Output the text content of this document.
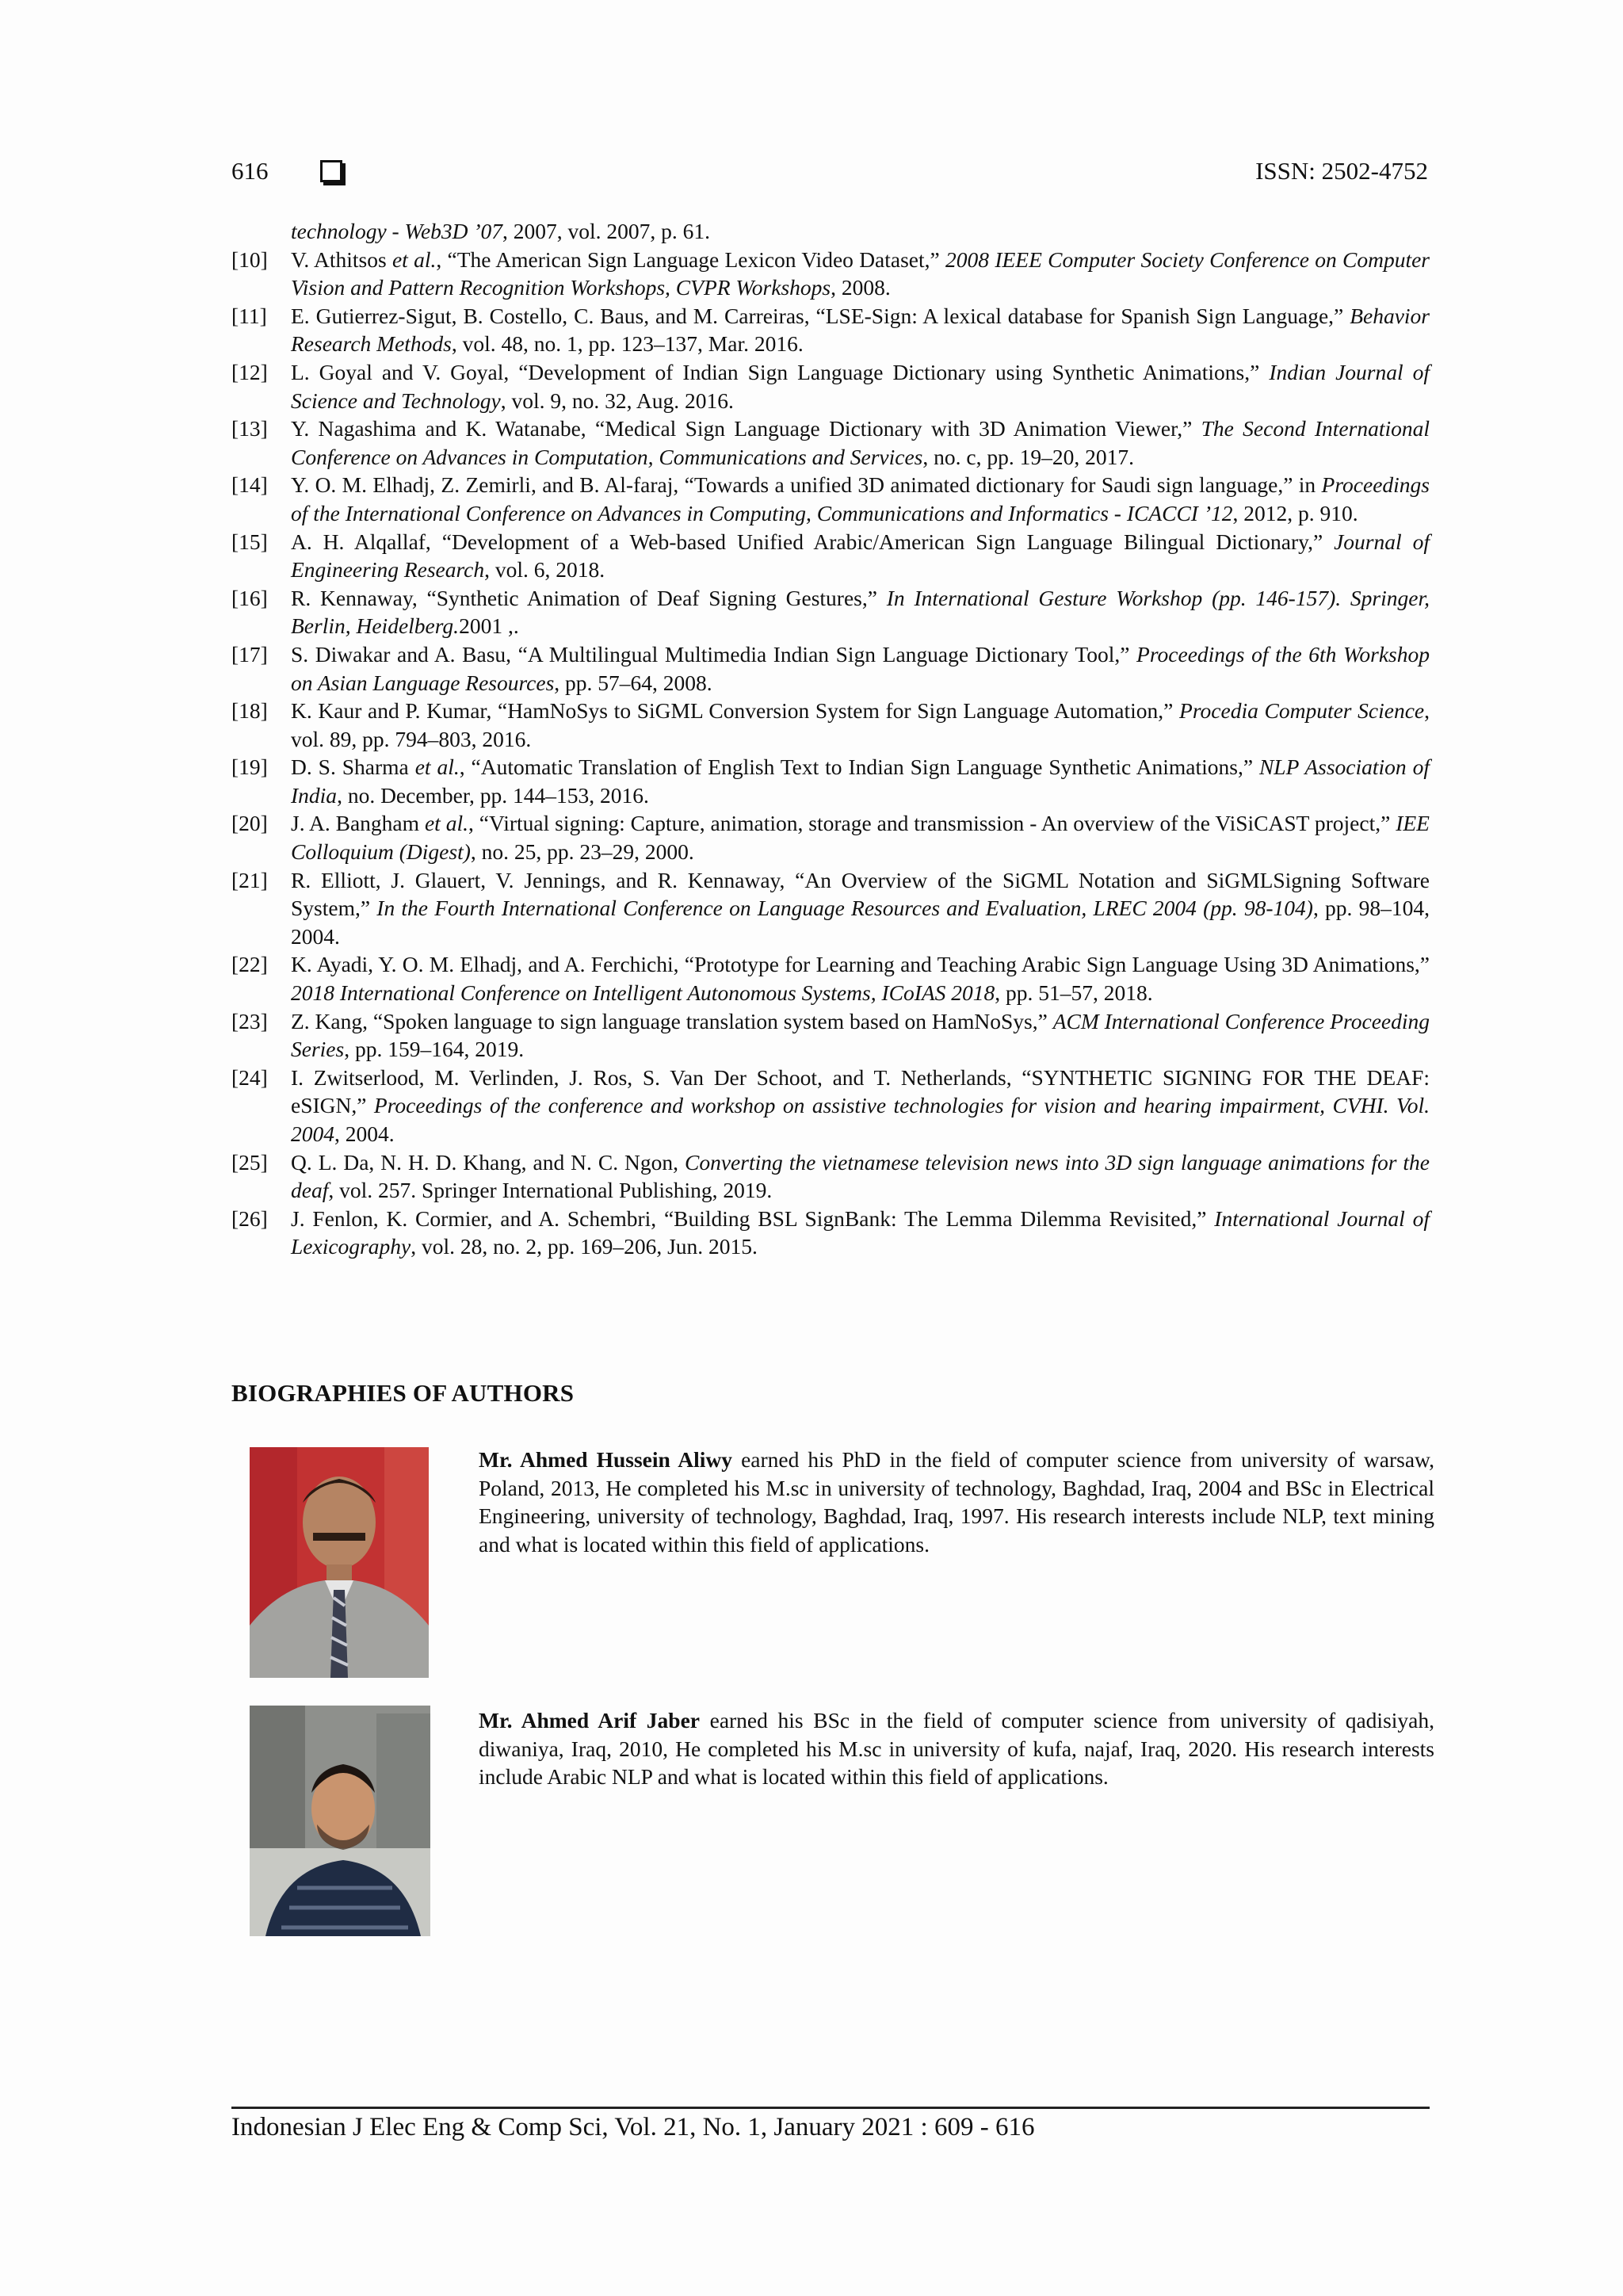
616	ISSN: 2502-4752
technology - Web3D ’07, 2007, vol. 2007, p. 61.
[10] V. Athitsos et al., “The American Sign Language Lexicon Video Dataset,” 2008 IEEE Computer Society Conference on Computer Vision and Pattern Recognition Workshops, CVPR Workshops, 2008.
[11] E. Gutierrez-Sigut, B. Costello, C. Baus, and M. Carreiras, “LSE-Sign: A lexical database for Spanish Sign Language,” Behavior Research Methods, vol. 48, no. 1, pp. 123–137, Mar. 2016.
[12] L. Goyal and V. Goyal, “Development of Indian Sign Language Dictionary using Synthetic Animations,” Indian Journal of Science and Technology, vol. 9, no. 32, Aug. 2016.
[13] Y. Nagashima and K. Watanabe, “Medical Sign Language Dictionary with 3D Animation Viewer,” The Second International Conference on Advances in Computation, Communications and Services, no. c, pp. 19–20, 2017.
[14] Y. O. M. Elhadj, Z. Zemirli, and B. Al-faraj, “Towards a unified 3D animated dictionary for Saudi sign language,” in Proceedings of the International Conference on Advances in Computing, Communications and Informatics - ICACCI ’12, 2012, p. 910.
[15] A. H. Alqallaf, “Development of a Web-based Unified Arabic/American Sign Language Bilingual Dictionary,” Journal of Engineering Research, vol. 6, 2018.
[16] R. Kennaway, “Synthetic Animation of Deaf Signing Gestures,” In International Gesture Workshop (pp. 146-157). Springer, Berlin, Heidelberg.2001 ,.
[17] S. Diwakar and A. Basu, “A Multilingual Multimedia Indian Sign Language Dictionary Tool,” Proceedings of the 6th Workshop on Asian Language Resources, pp. 57–64, 2008.
[18] K. Kaur and P. Kumar, “HamNoSys to SiGML Conversion System for Sign Language Automation,” Procedia Computer Science, vol. 89, pp. 794–803, 2016.
[19] D. S. Sharma et al., “Automatic Translation of English Text to Indian Sign Language Synthetic Animations,” NLP Association of India, no. December, pp. 144–153, 2016.
[20] J. A. Bangham et al., “Virtual signing: Capture, animation, storage and transmission - An overview of the ViSiCAST project,” IEE Colloquium (Digest), no. 25, pp. 23–29, 2000.
[21] R. Elliott, J. Glauert, V. Jennings, and R. Kennaway, “An Overview of the SiGML Notation and SiGMLSigning Software System,” In the Fourth International Conference on Language Resources and Evaluation, LREC 2004 (pp. 98-104), pp. 98–104, 2004.
[22] K. Ayadi, Y. O. M. Elhadj, and A. Ferchichi, “Prototype for Learning and Teaching Arabic Sign Language Using 3D Animations,” 2018 International Conference on Intelligent Autonomous Systems, ICoIAS 2018, pp. 51–57, 2018.
[23] Z. Kang, “Spoken language to sign language translation system based on HamNoSys,” ACM International Conference Proceeding Series, pp. 159–164, 2019.
[24] I. Zwitserlood, M. Verlinden, J. Ros, S. Van Der Schoot, and T. Netherlands, “SYNTHETIC SIGNING FOR THE DEAF: eSIGN,” Proceedings of the conference and workshop on assistive technologies for vision and hearing impairment, CVHI. Vol. 2004, 2004.
[25] Q. L. Da, N. H. D. Khang, and N. C. Ngon, Converting the vietnamese television news into 3D sign language animations for the deaf, vol. 257. Springer International Publishing, 2019.
[26] J. Fenlon, K. Cormier, and A. Schembri, “Building BSL SignBank: The Lemma Dilemma Revisited,” International Journal of Lexicography, vol. 28, no. 2, pp. 169–206, Jun. 2015.
BIOGRAPHIES OF AUTHORS
Mr. Ahmed Hussein Aliwy earned his PhD in the field of computer science from university of warsaw, Poland, 2013, He completed his M.sc in university of technology, Baghdad, Iraq, 2004 and BSc in Electrical Engineering, university of technology, Baghdad, Iraq, 1997. His research interests include NLP, text mining and what is located within this field of applications.
Mr. Ahmed Arif Jaber earned his BSc in the field of computer science from university of qadisiyah, diwaniya, Iraq, 2010, He completed his M.sc in university of kufa, najaf, Iraq, 2020. His research interests include Arabic NLP and what is located within this field of applications.
Indonesian J Elec Eng & Comp Sci, Vol. 21, No. 1, January 2021 : 609 - 616
